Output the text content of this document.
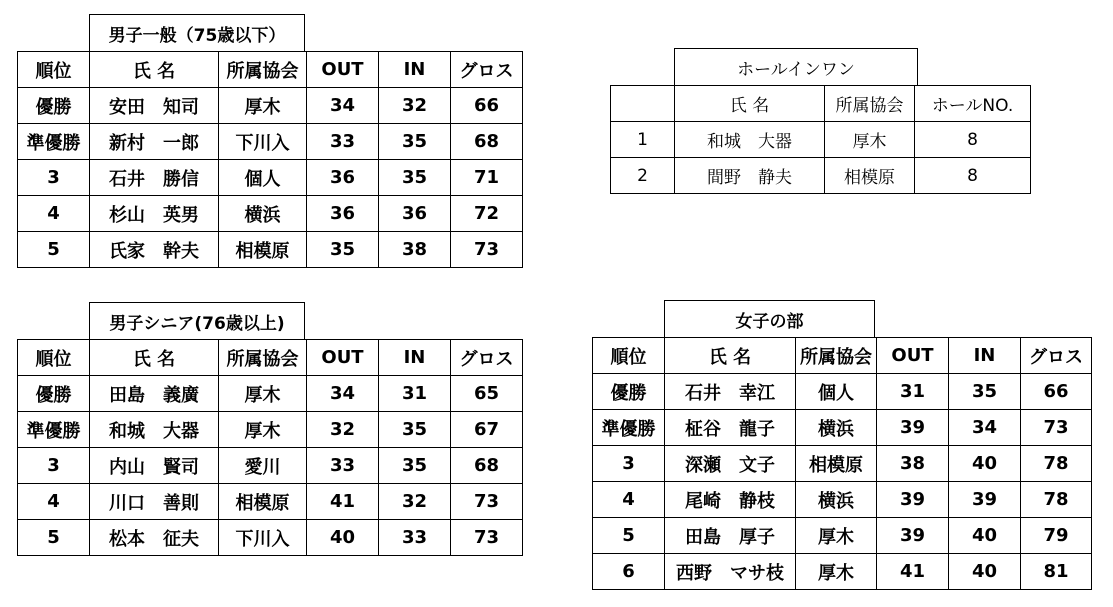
男子一般（75歳以下）
順位	氏 名	所属協会	OUT	IN	グロス
優勝	安田　知司	厚木	34	32	66
準優勝	新村　一郎	下川入	33	35	68
3	石井　勝信	個人	36	35	71
4	杉山　英男	横浜	36	36	72
5	氏家　幹夫	相模原	35	38	73
ホールインワン
	氏 名	所属協会	ホールNO.
1	和城　大器	厚木	8
2	間野　静夫	相模原	8
男子シニア(76歳以上)
順位	氏 名	所属協会	OUT	IN	グロス
優勝	田島　義廣	厚木	34	31	65
準優勝	和城　大器	厚木	32	35	67
3	内山　賢司	愛川	33	35	68
4	川口　善則	相模原	41	32	73
5	松本　征夫	下川入	40	33	73
女子の部
順位	氏 名	所属協会	OUT	IN	グロス
優勝	石井　幸江	個人	31	35	66
準優勝	柾谷　龍子	横浜	39	34	73
3	深瀬　文子	相模原	38	40	78
4	尾崎　静枝	横浜	39	39	78
5	田島　厚子	厚木	39	40	79
6	西野　マサ枝	厚木	41	40	81
